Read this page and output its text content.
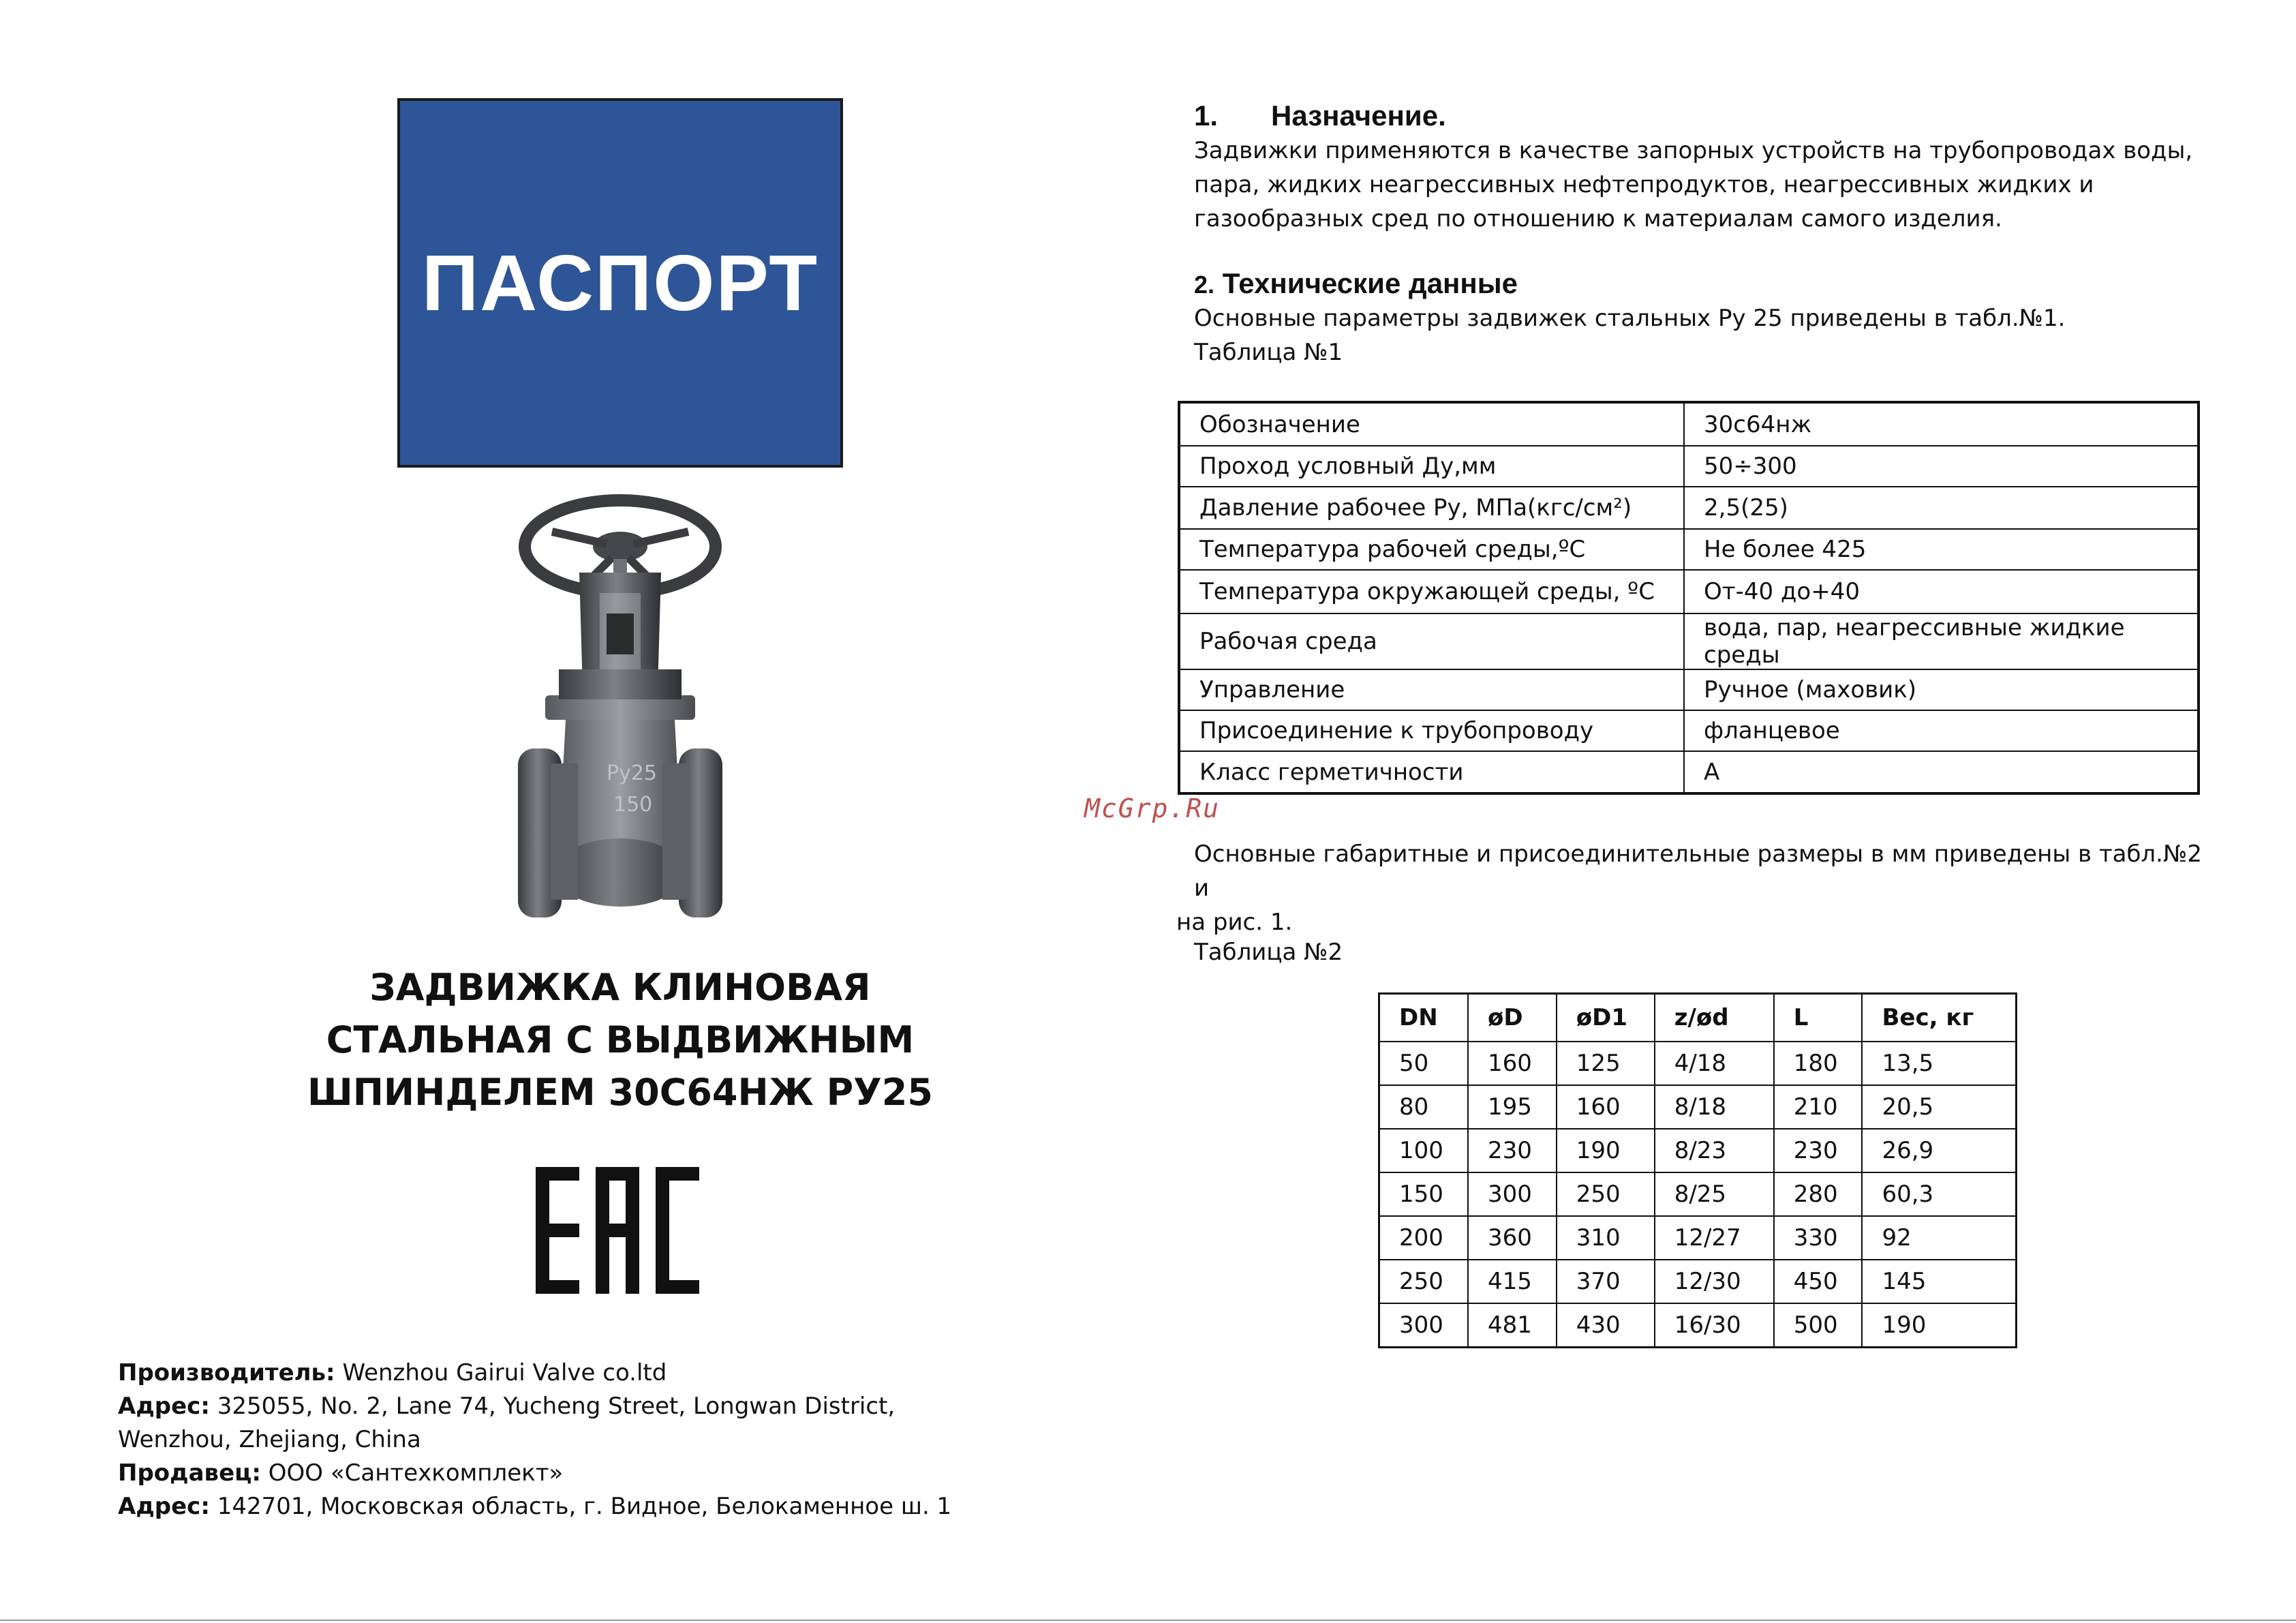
ПАСПОРТ
Ру25
150
ЗАДВИЖКА КЛИНОВАЯ
СТАЛЬНАЯ С ВЫДВИЖНЫМ
ШПИНДЕЛЕМ 30С64НЖ РУ25
Производитель: Wenzhou Gairui Valve co.ltd
Адрес: 325055, No. 2, Lane 74, Yucheng Street, Longwan District,
Wenzhou, Zhejiang, China
Продавец: ООО «Сантехкомплект»
Адрес: 142701, Московская область, г. Видное, Белокаменное ш. 1
1. Назначение.
Задвижки применяются в качестве запорных устройств на трубопроводах воды,
пара, жидких неагрессивных нефтепродуктов, неагрессивных жидких и
газообразных сред по отношению к материалам самого изделия.
2. Технические данные
Основные параметры задвижек стальных Ру 25 приведены в табл.№1.
Таблица №1
Обозначение	30с64нж
Проход условный Ду,мм	50÷300
Давление рабочее Ру, МПа(кгс/см²)	2,5(25)
Температура рабочей среды,ºС	Не более 425
Температура окружающей среды, ºС	От-40 до+40
Рабочая среда	вода, пар, неагрессивные жидкие среды
Управление	Ручное (маховик)
Присоединение к трубопроводу	фланцевое
Класс герметичности	А
McGrp.Ru
Основные габаритные и присоединительные размеры в мм приведены в табл.№2 и
на рис. 1.
Таблица №2
DN	øD	øD1	z/ød	L	Вес, кг
50	160	125	4/18	180	13,5
80	195	160	8/18	210	20,5
100	230	190	8/23	230	26,9
150	300	250	8/25	280	60,3
200	360	310	12/27	330	92
250	415	370	12/30	450	145
300	481	430	16/30	500	190
